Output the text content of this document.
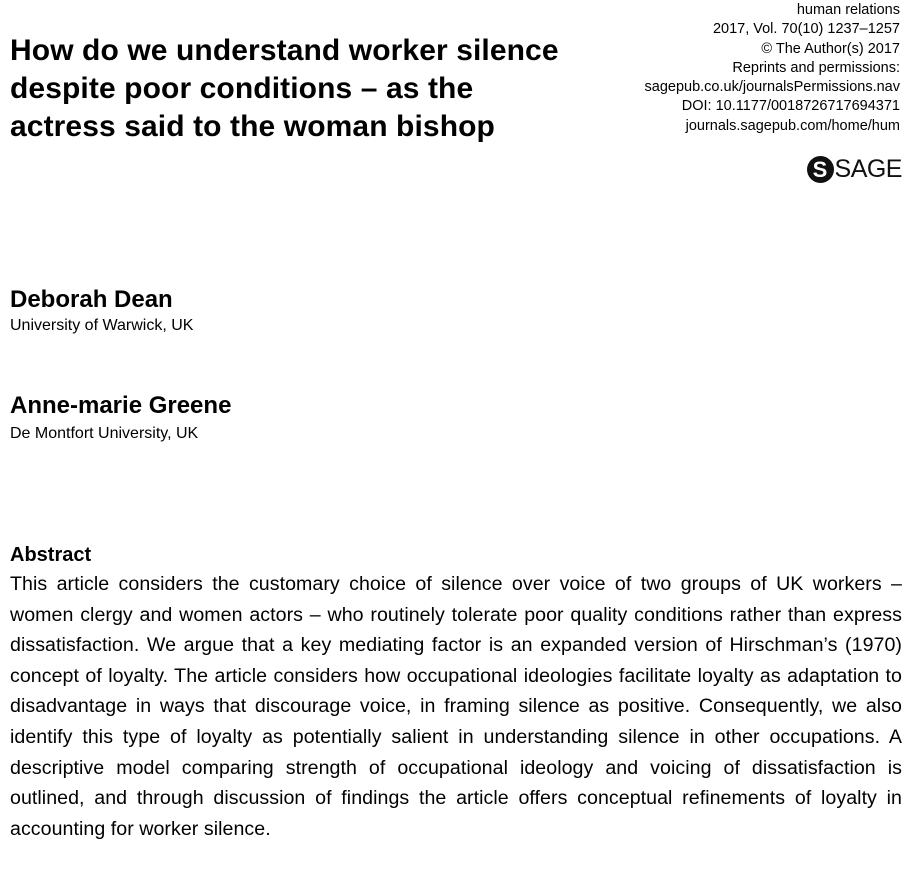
How do we understand worker silence despite poor conditions – as the actress said to the woman bishop
human relations
2017, Vol. 70(10) 1237–1257
© The Author(s) 2017
Reprints and permissions:
sagepub.co.uk/journalsPermissions.nav
DOI: 10.1177/0018726717694371
journals.sagepub.com/home/hum
S SAGE
Deborah Dean
University of Warwick, UK
Anne-marie Greene
De Montfort University, UK
Abstract

This article considers the customary choice of silence over voice of two groups of UK workers – women clergy and women actors – who routinely tolerate poor quality conditions rather than express dissatisfaction. We argue that a key mediating factor is an expanded version of Hirschman’s (1970) concept of loyalty. The article considers how occupational ideologies facilitate loyalty as adaptation to disadvantage in ways that discourage voice, in framing silence as positive. Consequently, we also identify this type of loyalty as potentially salient in understanding silence in other occupations. A descriptive model comparing strength of occupational ideology and voicing of dissatisfaction is outlined, and through discussion of findings the article offers conceptual refinements of loyalty in accounting for worker silence.
